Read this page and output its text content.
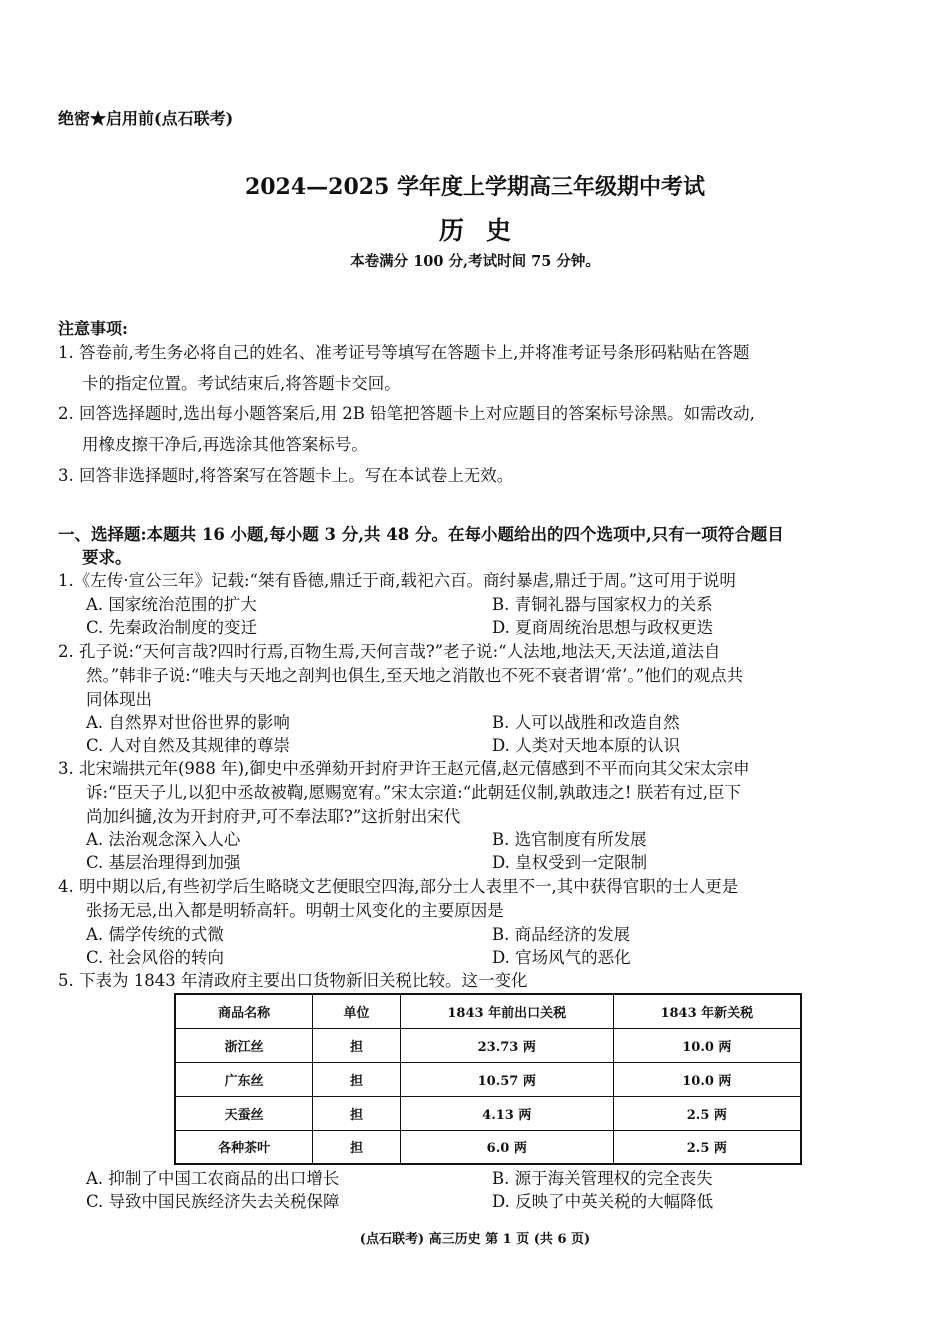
绝密★启用前(点石联考)
2024—2025 学年度上学期高三年级期中考试
历史
本卷满分 100 分,考试时间 75 分钟。
注意事项:
1. 答卷前,考生务必将自己的姓名、准考证号等填写在答题卡上,并将准考证号条形码粘贴在答题
卡的指定位置。考试结束后,将答题卡交回。
2. 回答选择题时,选出每小题答案后,用 2B 铅笔把答题卡上对应题目的答案标号涂黑。如需改动,
用橡皮擦干净后,再选涂其他答案标号。
3. 回答非选择题时,将答案写在答题卡上。写在本试卷上无效。
一、选择题:本题共 16 小题,每小题 3 分,共 48 分。在每小题给出的四个选项中,只有一项符合题目
要求。
1.《左传·宣公三年》记载:“桀有昏德,鼎迁于商,载祀六百。商纣暴虐,鼎迁于周。”这可用于说明
A. 国家统治范围的扩大	B. 青铜礼器与国家权力的关系
C. 先秦政治制度的变迁	D. 夏商周统治思想与政权更迭
2. 孔子说:“天何言哉?四时行焉,百物生焉,天何言哉?”老子说:“人法地,地法天,天法道,道法自
然。”韩非子说:“唯夫与天地之剖判也俱生,至天地之消散也不死不衰者谓‘常’。”他们的观点共
同体现出
A. 自然界对世俗世界的影响	B. 人可以战胜和改造自然
C. 人对自然及其规律的尊崇	D. 人类对天地本原的认识
3. 北宋端拱元年(988 年),御史中丞弹劾开封府尹许王赵元僖,赵元僖感到不平而向其父宋太宗申
诉:“臣天子儿,以犯中丞故被鞫,愿赐宽宥。”宋太宗道:“此朝廷仪制,孰敢违之! 朕若有过,臣下
尚加纠擿,汝为开封府尹,可不奉法耶?”这折射出宋代
A. 法治观念深入人心	B. 选官制度有所发展
C. 基层治理得到加强	D. 皇权受到一定限制
4. 明中期以后,有些初学后生略晓文艺便眼空四海,部分士人表里不一,其中获得官职的士人更是
张扬无忌,出入都是明轿高轩。明朝士风变化的主要原因是
A. 儒学传统的式微	B. 商品经济的发展
C. 社会风俗的转向	D. 官场风气的恶化
5. 下表为 1843 年清政府主要出口货物新旧关税比较。这一变化
商品名称	单位	1843 年前出口关税	1843 年新关税
浙江丝	担	23.73 两	10.0 两
广东丝	担	10.57 两	10.0 两
天蚕丝	担	4.13 两	2.5 两
各种茶叶	担	6.0 两	2.5 两
A. 抑制了中国工农商品的出口增长	B. 源于海关管理权的完全丧失
C. 导致中国民族经济失去关税保障	D. 反映了中英关税的大幅降低
(点石联考) 高三历史 第 1 页 (共 6 页)
